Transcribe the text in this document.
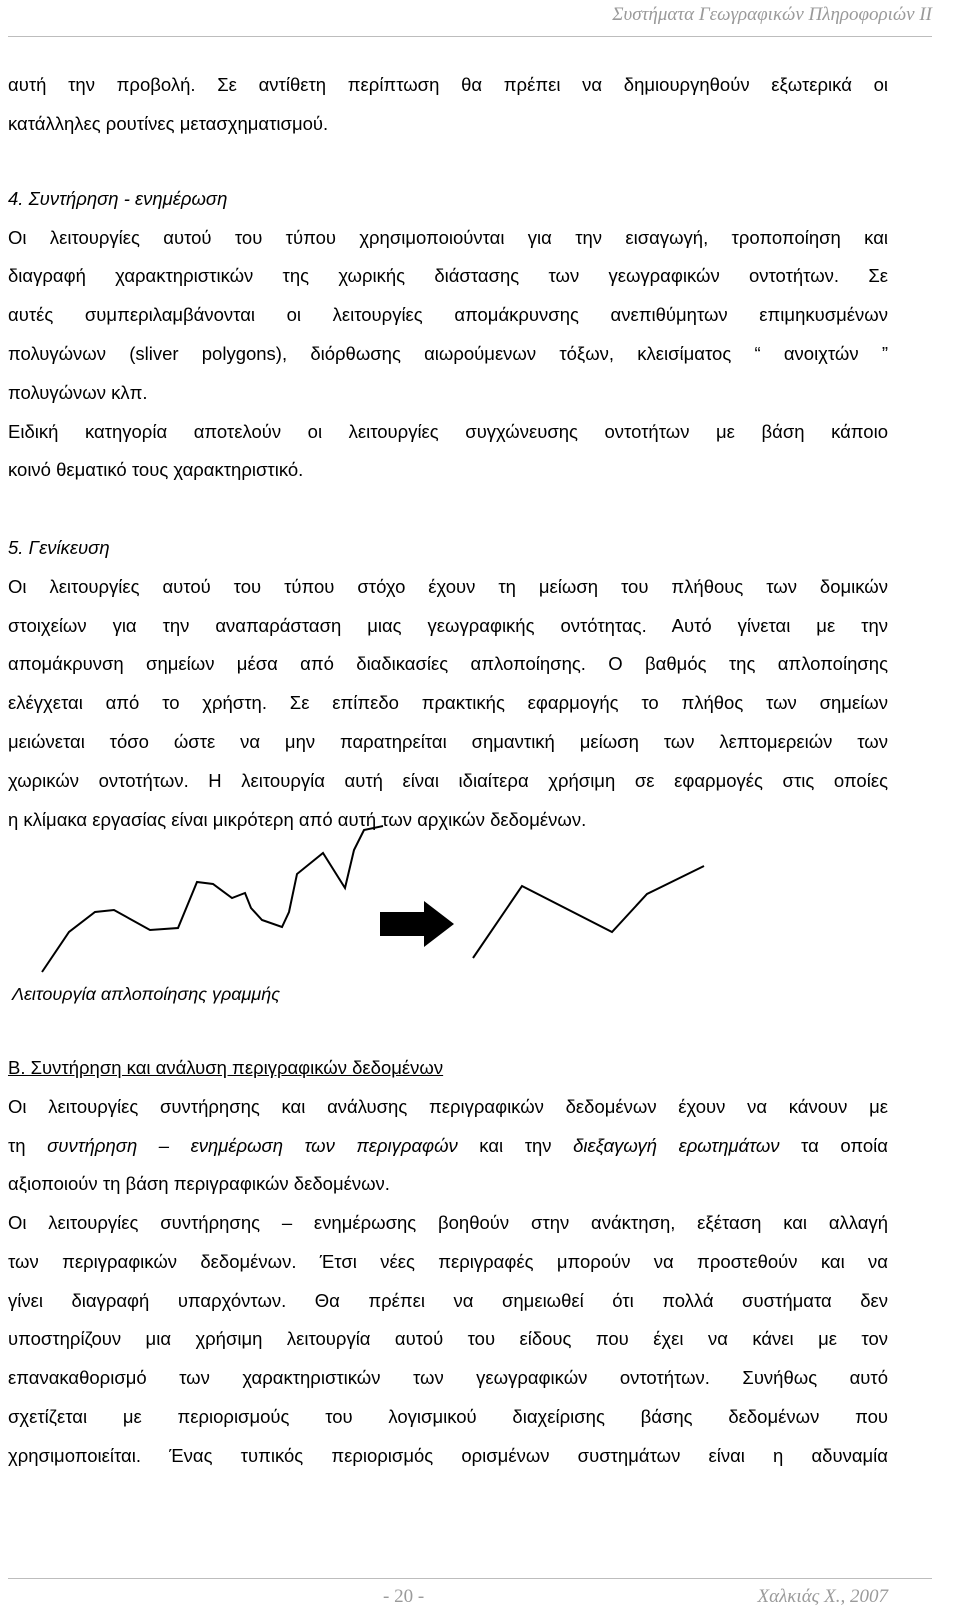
Συστήματα Γεωγραφικών Πληροφοριών ΙΙ
αυτή την προβολή. Σε αντίθετη περίπτωση θα πρέπει να δημιουργηθούν εξωτερικά οι
κατάλληλες ρουτίνες μετασχηματισμού.
4. Συντήρηση - ενημέρωση
Οι λειτουργίες αυτού του τύπου χρησιμοποιούνται για την εισαγωγή, τροποποίηση και
διαγραφή χαρακτηριστικών της χωρικής διάστασης των γεωγραφικών οντοτήτων. Σε
αυτές συμπεριλαμβάνονται οι λειτουργίες απομάκρυνσης ανεπιθύμητων επιμηκυσμένων
πολυγώνων (sliver polygons), διόρθωσης αιωρούμενων τόξων, κλεισίματος “ ανοιχτών ”
πολυγώνων κλπ.
Ειδική κατηγορία αποτελούν οι λειτουργίες συγχώνευσης οντοτήτων με βάση κάποιο
κοινό θεματικό τους χαρακτηριστικό.
5. Γενίκευση
Οι λειτουργίες αυτού του τύπου στόχο έχουν τη μείωση του πλήθους των δομικών
στοιχείων για την αναπαράσταση μιας γεωγραφικής οντότητας. Αυτό γίνεται με την
απομάκρυνση σημείων μέσα από διαδικασίες απλοποίησης. Ο βαθμός της απλοποίησης
ελέγχεται από το χρήστη. Σε επίπεδο πρακτικής εφαρμογής το πλήθος των σημείων
μειώνεται τόσο ώστε να μην παρατηρείται σημαντική μείωση των λεπτομερειών των
χωρικών οντοτήτων. Η λειτουργία αυτή είναι ιδιαίτερα χρήσιμη σε εφαρμογές στις οποίες
η κλίμακα εργασίας είναι μικρότερη από αυτή των αρχικών δεδομένων.
Λειτουργία απλοποίησης γραμμής
Β. Συντήρηση και ανάλυση περιγραφικών δεδομένων
Οι λειτουργίες συντήρησης και ανάλυσης περιγραφικών δεδομένων έχουν να κάνουν με
τη συντήρηση – ενημέρωση των περιγραφών και την διεξαγωγή ερωτημάτων τα οποία
αξιοποιούν τη βάση περιγραφικών δεδομένων.
Οι λειτουργίες συντήρησης – ενημέρωσης βοηθούν στην ανάκτηση, εξέταση και αλλαγή
των περιγραφικών δεδομένων. Έτσι νέες περιγραφές μπορούν να προστεθούν και να
γίνει διαγραφή υπαρχόντων. Θα πρέπει να σημειωθεί ότι πολλά συστήματα δεν
υποστηρίζουν μια χρήσιμη λειτουργία αυτού του είδους που έχει να κάνει με τον
επανακαθορισμό των χαρακτηριστικών των γεωγραφικών οντοτήτων. Συνήθως αυτό
σχετίζεται με περιορισμούς του λογισμικού διαχείρισης βάσης δεδομένων που
χρησιμοποιείται. Ένας τυπικός περιορισμός ορισμένων συστημάτων είναι η αδυναμία
- 20 -	Χαλκιάς Χ., 2007
